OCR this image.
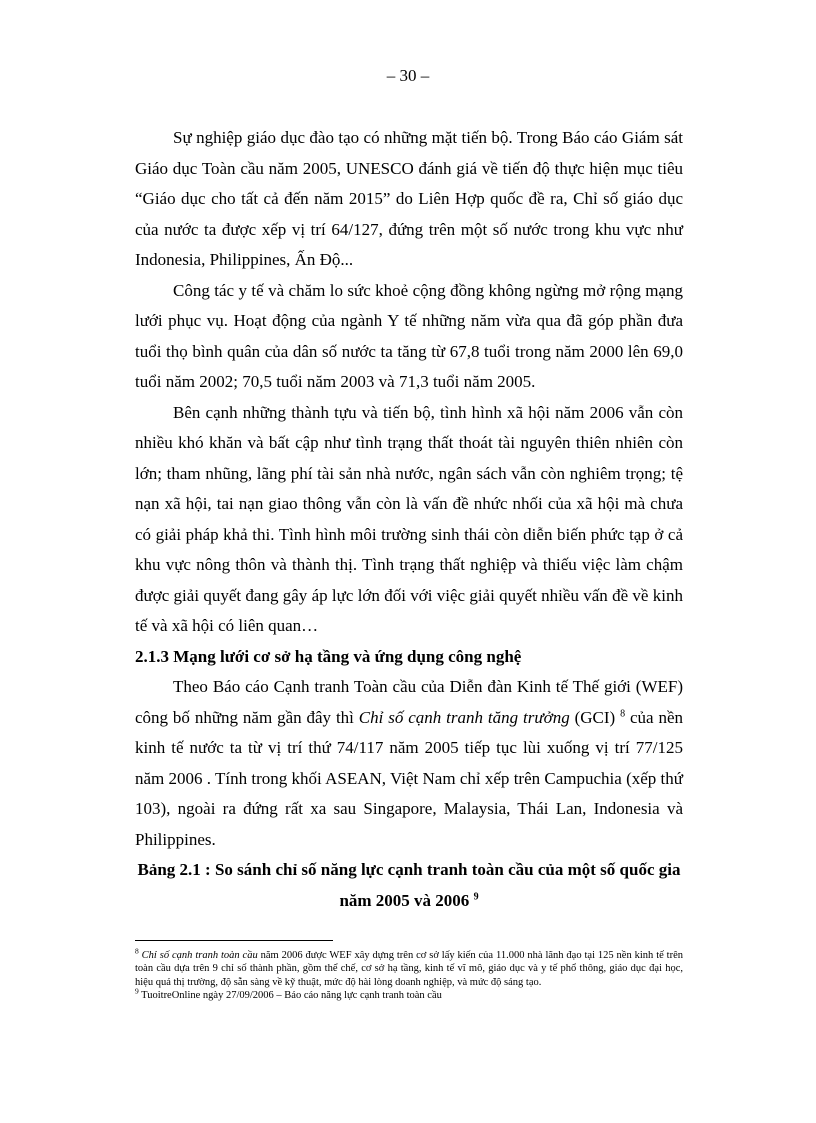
– 30 –

Sự nghiệp giáo dục đào tạo có những mặt tiến bộ. Trong Báo cáo Giám sát Giáo dục Toàn cầu năm 2005, UNESCO đánh giá về tiến độ thực hiện mục tiêu “Giáo dục cho tất cả đến năm 2015” do Liên Hợp quốc đề ra, Chỉ số giáo dục của nước ta được xếp vị trí 64/127, đứng trên một số nước trong khu vực như Indonesia, Philippines, Ấn Độ...

Công tác y tế và chăm lo sức khoẻ cộng đồng không ngừng mở rộng mạng lưới phục vụ. Hoạt động của ngành Y tế những năm vừa qua đã góp phần đưa tuổi thọ bình quân của dân số nước ta tăng từ 67,8 tuổi trong năm 2000 lên 69,0 tuổi năm 2002; 70,5 tuổi năm 2003 và 71,3 tuổi năm 2005.

Bên cạnh những thành tựu và tiến bộ, tình hình xã hội năm 2006 vẫn còn nhiều khó khăn và bất cập như tình trạng thất thoát tài nguyên thiên nhiên còn lớn; tham nhũng, lãng phí tài sản nhà nước, ngân sách vẫn còn nghiêm trọng; tệ nạn xã hội, tai nạn giao thông vẫn còn là vấn đề nhức nhối của xã hội mà chưa có giải pháp khả thi. Tình hình môi trường sinh thái còn diễn biến phức tạp ở cả khu vực nông thôn và thành thị. Tình trạng thất nghiệp và thiếu việc làm chậm được giải quyết đang gây áp lực lớn đối với việc giải quyết nhiều vấn đề về kinh tế và xã hội có liên quan…

2.1.3 Mạng lưới cơ sở hạ tầng và ứng dụng công nghệ

Theo Báo cáo Cạnh tranh Toàn cầu của Diễn đàn Kinh tế Thế giới (WEF) công bố những năm gần đây thì Chỉ số cạnh tranh tăng trưởng (GCI) $^8$ của nền kinh tế nước ta từ vị trí thứ 74/117 năm 2005 tiếp tục lùi xuống vị trí 77/125 năm 2006 . Tính trong khối ASEAN, Việt Nam chỉ xếp trên Campuchia (xếp thứ 103), ngoài ra đứng rất xa sau Singapore, Malaysia, Thái Lan, Indonesia và Philippines.

Bảng 2.1 : So sánh chỉ số năng lực cạnh tranh toàn cầu của một số quốc gia
năm 2005 và 2006 $^9$

$^8$ Chỉ số cạnh tranh toàn cầu năm 2006 được WEF xây dựng trên cơ sở lấy kiến của 11.000 nhà lãnh đạo tại 125 nền kinh tế trên toàn cầu dựa trên 9 chỉ số thành phần, gồm thể chế, cơ sở hạ tầng, kinh tế vĩ mô, giáo dục và y tế phổ thông, giáo dục đại học, hiệu quả thị trường, độ sẵn sàng về kỹ thuật, mức độ hài lòng doanh nghiệp, và mức độ sáng tạo.

$^9$ TuoitreOnline ngày 27/09/2006 – Báo cáo năng lực cạnh tranh toàn cầu
